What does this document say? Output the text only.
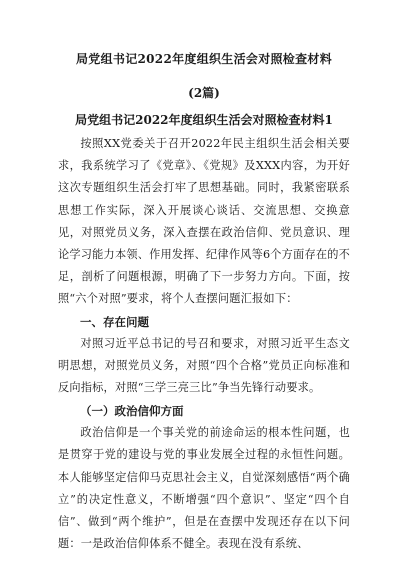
局党组书记2022年度组织生活会对照检查材料

(2篇)

局党组书记2022年度组织生活会对照检查材料1

按照XX党委关于召开2022年民主组织生活会相关要求，我系统学习了《党章》、《党规》及XXX内容，为开好这次专题组织生活会打牢了思想基础。同时，我紧密联系思想工作实际，深入开展谈心谈话、交流思想、交换意见，对照党员义务，深入查摆在政治信仰、党员意识、理论学习能力本领、作用发挥、纪律作风等6个方面存在的不足，剖析了问题根源，明确了下一步努力方向。下面，按照“六个对照”要求，将个人查摆问题汇报如下：

一、存在问题

对照习近平总书记的号召和要求，对照习近平生态文明思想，对照党员义务，对照“四个合格”党员正向标准和反向指标，对照“三学三亮三比”争当先锋行动要求。

（一）政治信仰方面

政治信仰是一个事关党的前途命运的根本性问题，也是贯穿于党的建设与党的事业发展全过程的永恒性问题。本人能够坚定信仰马克思社会主义，自觉深刻感悟“两个确立”的决定性意义，不断增强“四个意识”、坚定“四个自信”、做到“两个维护”，但是在查摆中发现还存在以下问题：一是政治信仰体系不健全。表现在没有系统、
